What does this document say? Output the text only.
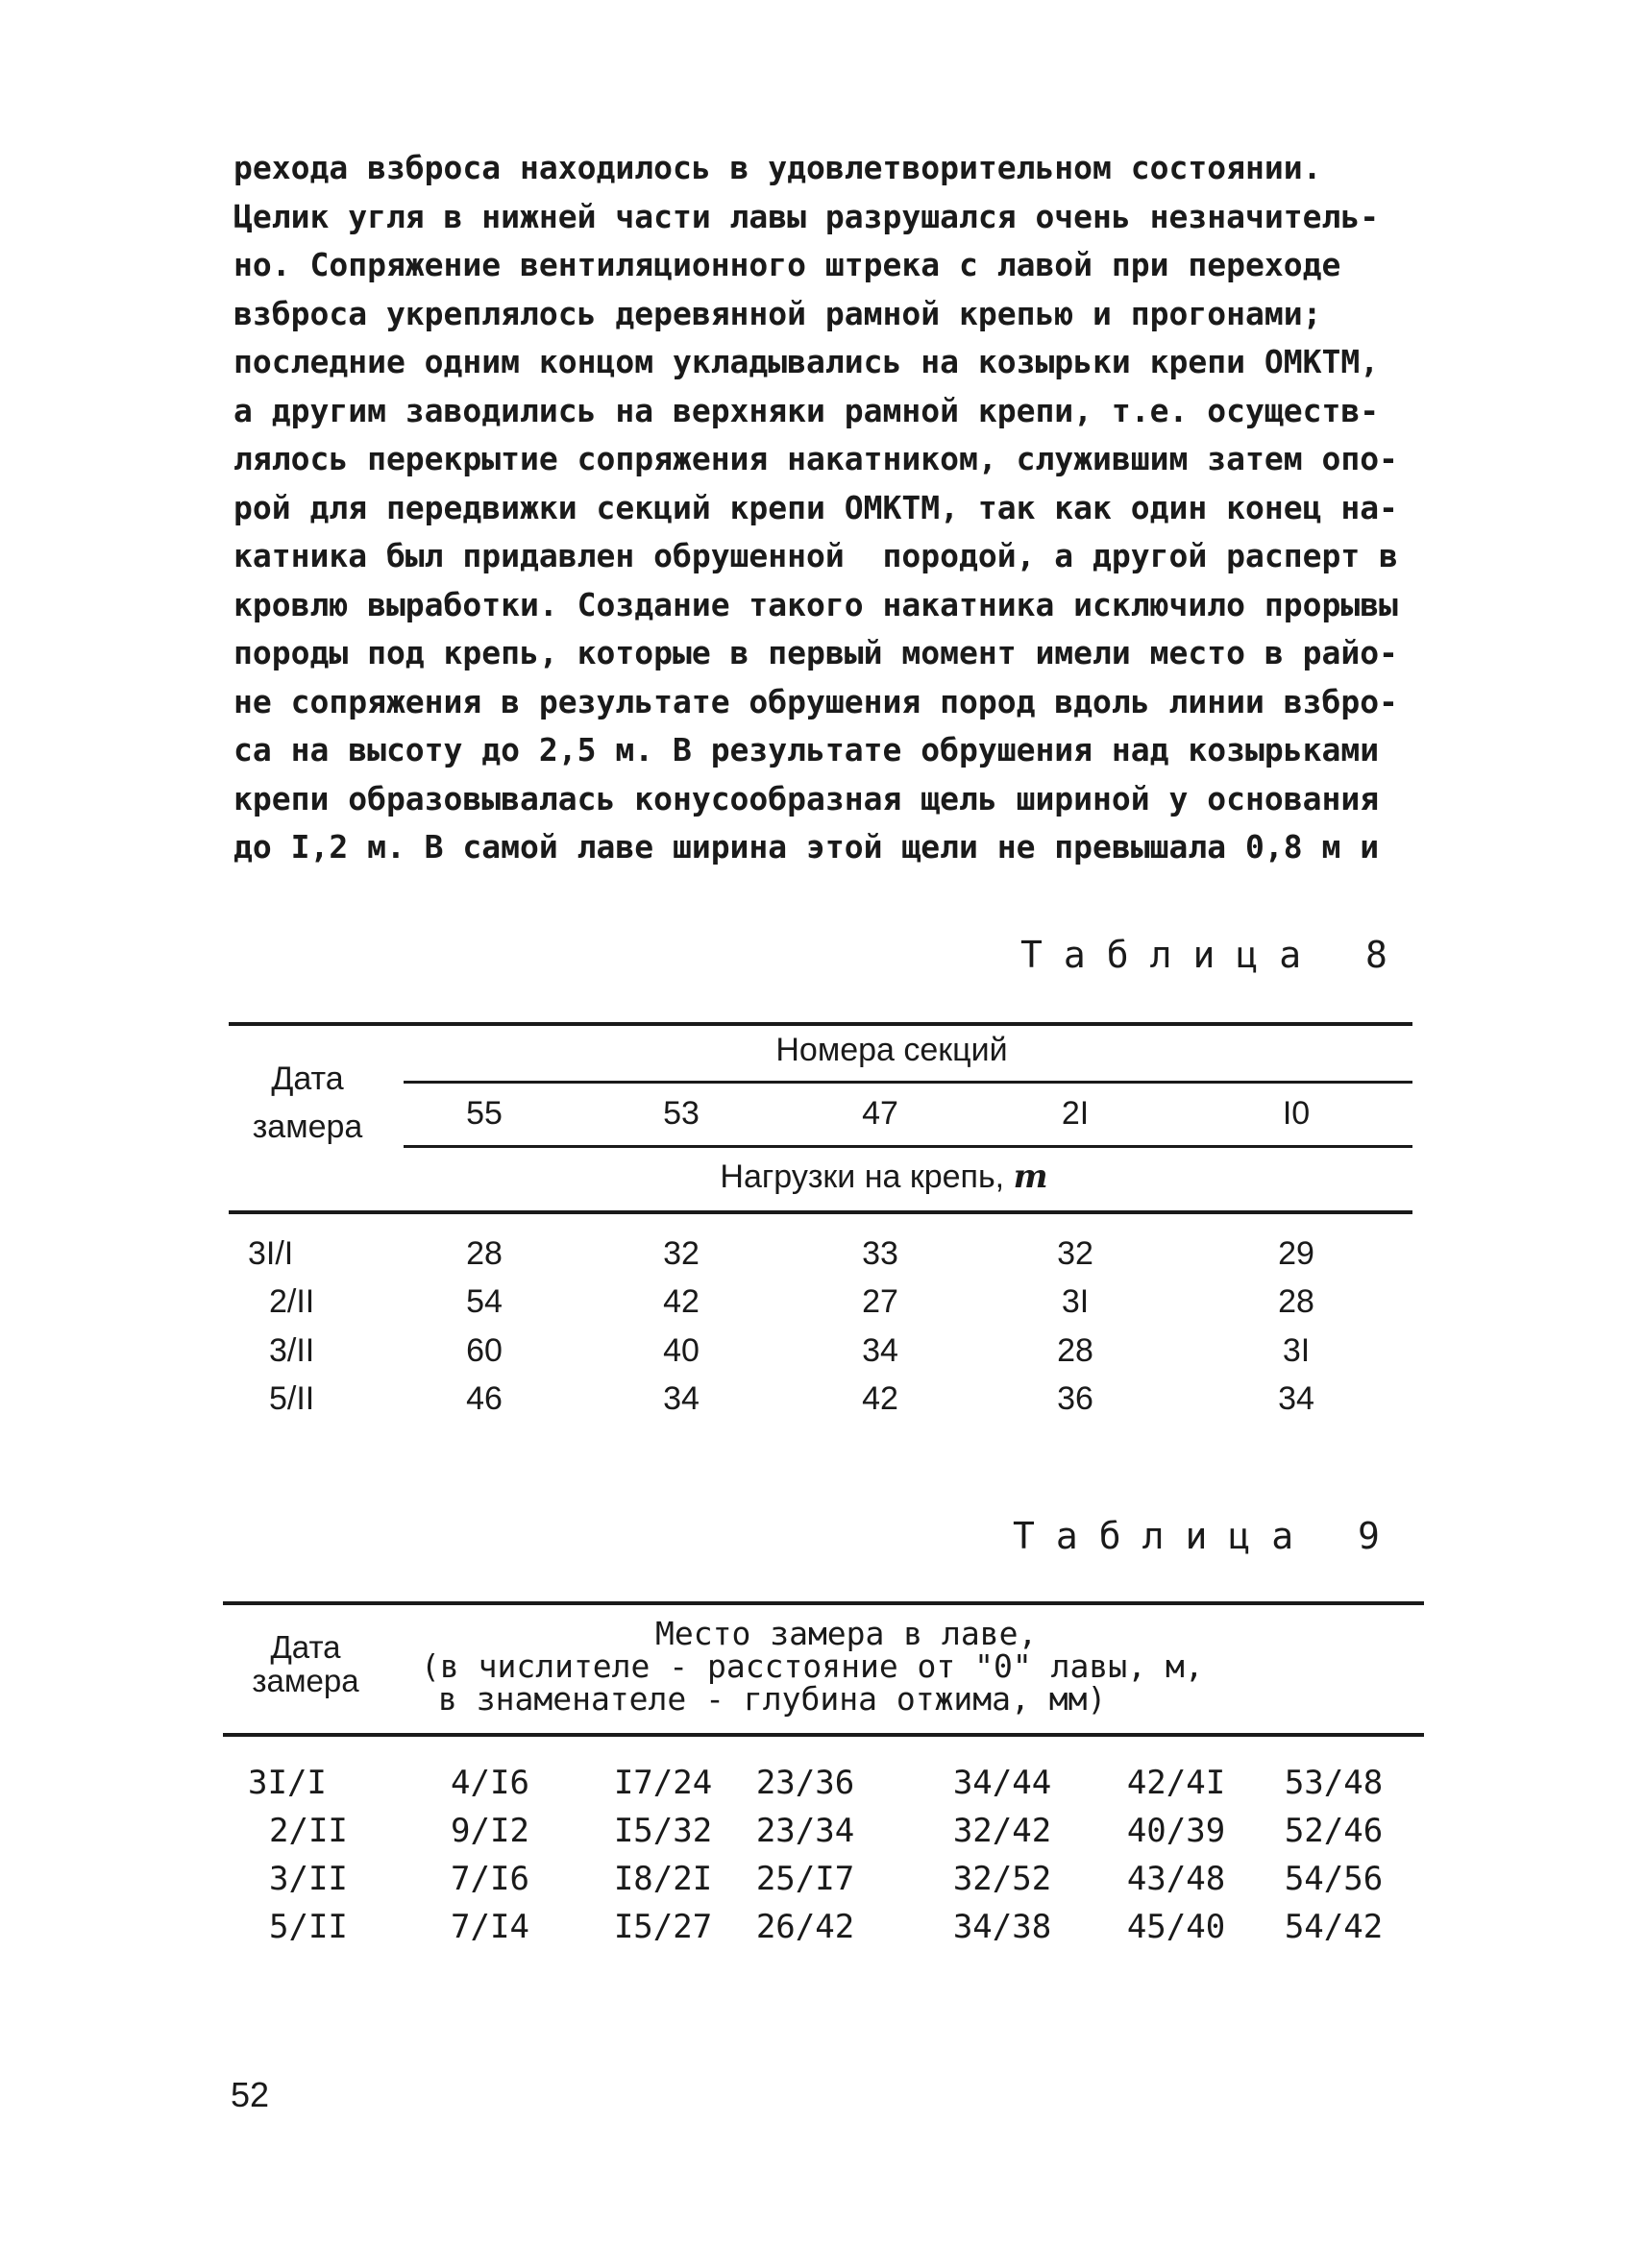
рехода взброса находилось в удовлетворительном состоянии.
Целик угля в нижней части лавы разрушался очень незначитель-
но. Сопряжение вентиляционного штрека с лавой при переходе
взброса укреплялось деревянной рамной крепью и прогонами;
последние одним концом укладывались на козырьки крепи ОМКТМ,
а другим заводились на верхняки рамной крепи, т.е. осуществ-
лялось перекрытие сопряжения накатником, служившим затем опо-
рой для передвижки секций крепи ОМКТМ, так как один конец на-
катника был придавлен обрушенной  породой, а другой расперт в
кровлю выработки. Создание такого накатника исключило прорывы
породы под крепь, которые в первый момент имели место в райо-
не сопряжения в результате обрушения пород вдоль линии взбро-
са на высоту до 2,5 м. В результате обрушения над козырьками
крепи образовывалась конусообразная щель шириной у основания
до I,2 м. В самой лаве ширина этой щели не превышала 0,8 м и
Таблица 8
Дата
замера
Номера секций
55	53	47	2I	I0
Нагрузки на крепь, т
3I/I	28	32	33	32	29
2/II	54	42	27	3I	28
3/II	60	40	34	28	3I
5/II	46	34	42	36	34
Таблица 9
Дата
замера
Место замера в лаве,
(в числителе - расстояние от "0" лавы, м,
в знаменателе - глубина отжима, мм)
3I/I	4/I6	I7/24 23/36	34/44 42/4I 53/48
2/II	9/I2	I5/32 23/34	32/42 40/39 52/46
3/II	7/I6	I8/2I 25/I7	32/52 43/48 54/56
5/II	7/I4	I5/27 26/42	34/38 45/40 54/42
52
